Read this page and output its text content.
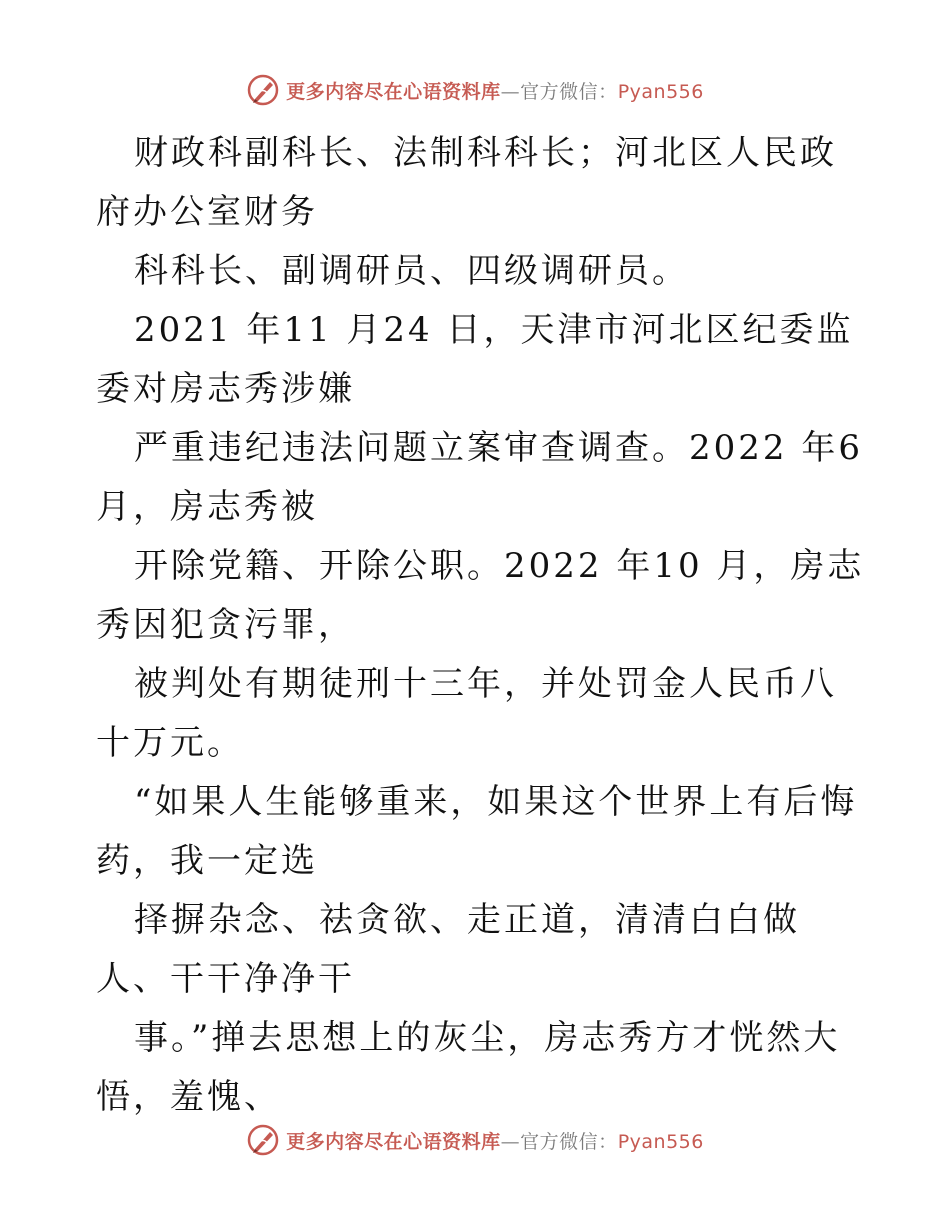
更多内容尽在心语资料库—官方微信：Pyan556

财政科副科长、法制科科长；河北区人民政府办公室财务

科科长、副调研员、四级调研员。

2021 年11 月24 日，天津市河北区纪委监委对房志秀涉嫌

严重违纪违法问题立案审查调查。2022 年6 月，房志秀被

开除党籍、开除公职。2022 年10 月，房志秀因犯贪污罪，

被判处有期徒刑十三年，并处罚金人民币八十万元。

“如果人生能够重来，如果这个世界上有后悔药，我一定选

择摒杂念、祛贪欲、走正道，清清白白做人、干干净净干

事。”掸去思想上的灰尘，房志秀方才恍然大悟，羞愧、

更多内容尽在心语资料库—官方微信：Pyan556
